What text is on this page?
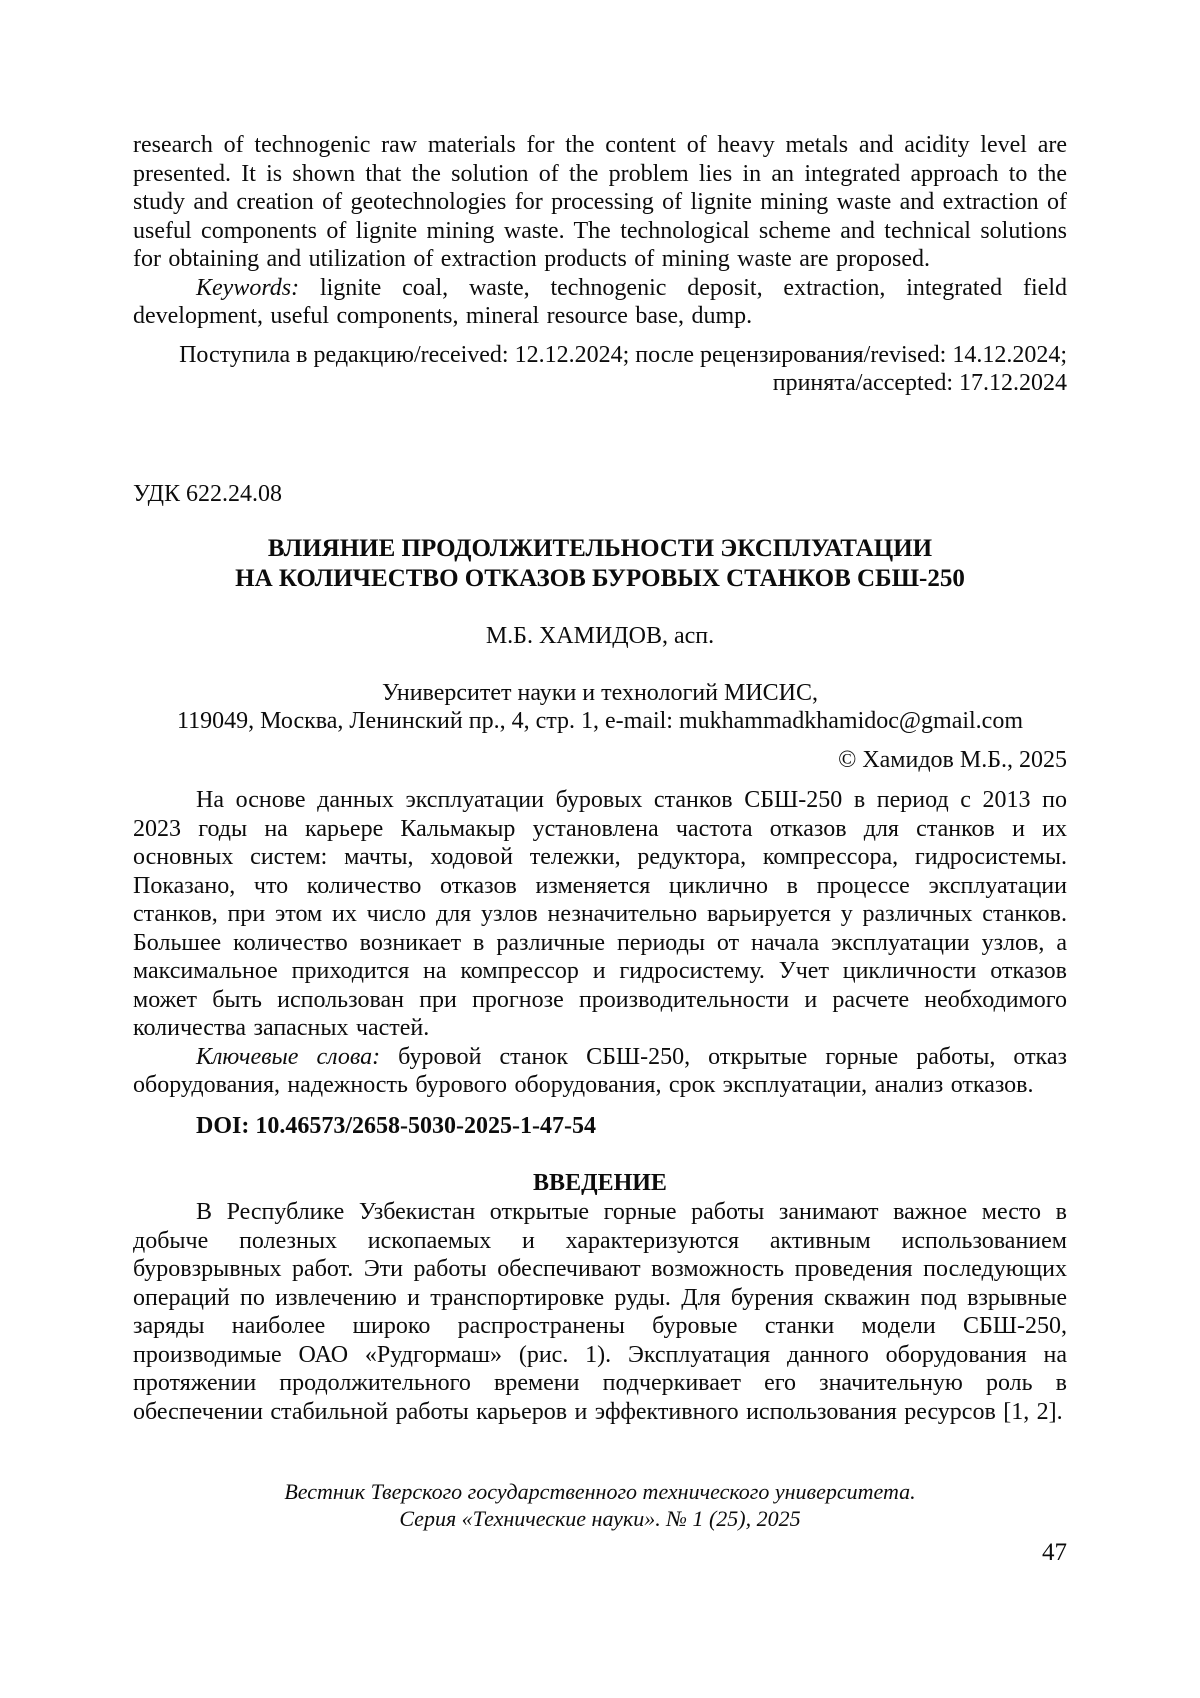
research of technogenic raw materials for the content of heavy metals and acidity level are presented. It is shown that the solution of the problem lies in an integrated approach to the study and creation of geotechnologies for processing of lignite mining waste and extraction of useful components of lignite mining waste. The technological scheme and technical solutions for obtaining and utilization of extraction products of mining waste are proposed.

Keywords: lignite coal, waste, technogenic deposit, extraction, integrated field development, useful components, mineral resource base, dump.

Поступила в редакцию/received: 12.12.2024; после рецензирования/revised: 14.12.2024;
принята/accepted: 17.12.2024
УДК 622.24.08
ВЛИЯНИЕ ПРОДОЛЖИТЕЛЬНОСТИ ЭКСПЛУАТАЦИИ
НА КОЛИЧЕСТВО ОТКАЗОВ БУРОВЫХ СТАНКОВ СБШ-250
М.Б. ХАМИДОВ, асп.
Университет науки и технологий МИСИС,
119049, Москва, Ленинский пр., 4, стр. 1, e-mail: mukhammadkhamidoc@gmail.com
© Хамидов М.Б., 2025

На основе данных эксплуатации буровых станков СБШ-250 в период с 2013 по 2023 годы на карьере Кальмакыр установлена частота отказов для станков и их основных систем: мачты, ходовой тележки, редуктора, компрессора, гидросистемы. Показано, что количество отказов изменяется циклично в процессе эксплуатации станков, при этом их число для узлов незначительно варьируется у различных станков. Большее количество возникает в различные периоды от начала эксплуатации узлов, а максимальное приходится на компрессор и гидросистему. Учет цикличности отказов может быть использован при прогнозе производительности и расчете необходимого количества запасных частей.

Ключевые слова: буровой станок СБШ-250, открытые горные работы, отказ оборудования, надежность бурового оборудования, срок эксплуатации, анализ отказов.

DOI: 10.46573/2658-5030-2025-1-47-54
ВВЕДЕНИЕ

В Республике Узбекистан открытые горные работы занимают важное место в добыче полезных ископаемых и характеризуются активным использованием буровзрывных работ. Эти работы обеспечивают возможность проведения последующих операций по извлечению и транспортировке руды. Для бурения скважин под взрывные заряды наиболее широко распространены буровые станки модели СБШ-250, производимые ОАО «Рудгормаш» (рис. 1). Эксплуатация данного оборудования на протяжении продолжительного времени подчеркивает его значительную роль в обеспечении стабильной работы карьеров и эффективного использования ресурсов [1, 2].

Вестник Тверского государственного технического университета.
Серия «Технические науки». № 1 (25), 2025
47
